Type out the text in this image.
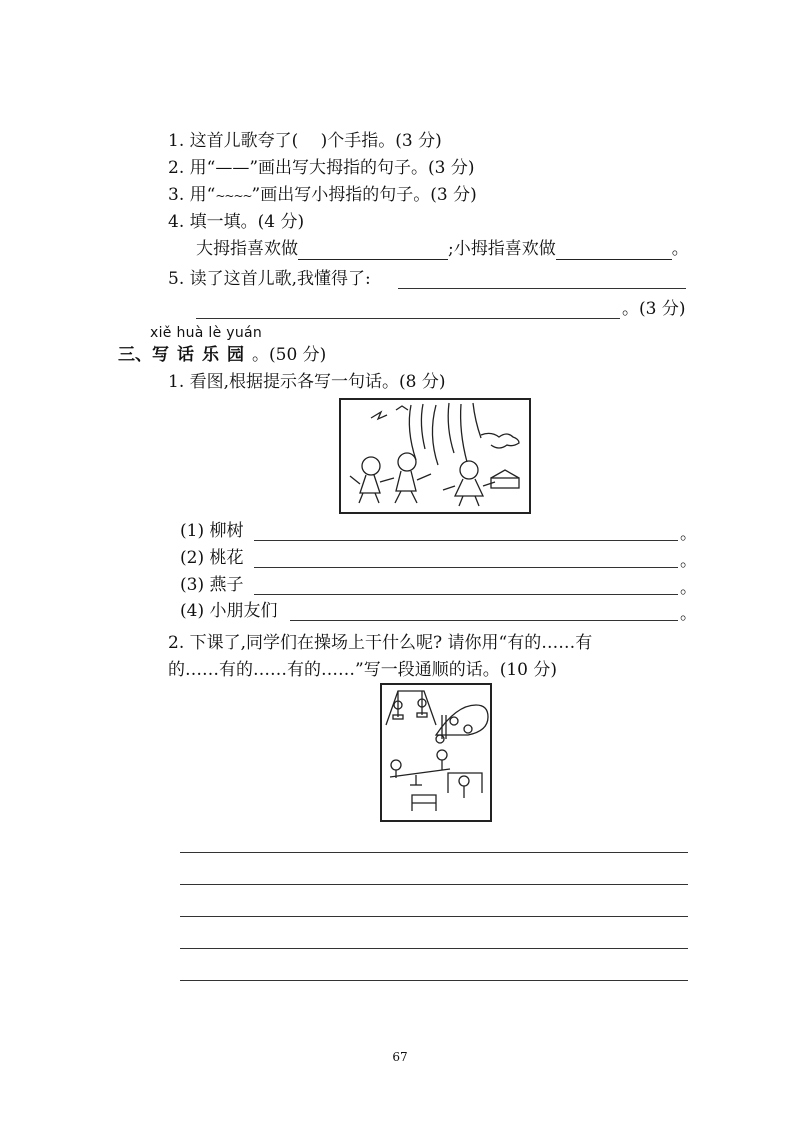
1. 这首儿歌夸了(　 )个手指。(3 分)
2. 用“——”画出写大拇指的句子。(3 分)
3. 用“~~~~”画出写小拇指的句子。(3 分)
4. 填一填。(4 分)
大拇指喜欢做	;小拇指喜欢做	。
5. 读了这首儿歌,我懂得了:
。(3 分)
xiě huà lè yuán
三、写话乐园。(50 分)
1. 看图,根据提示各写一句话。(8 分)
(1) 柳树	。
(2) 桃花	。
(3) 燕子	。
(4) 小朋友们	。
2. 下课了,同学们在操场上干什么呢? 请你用“有的……有
的……有的……有的……”写一段通顺的话。(10 分)
67
